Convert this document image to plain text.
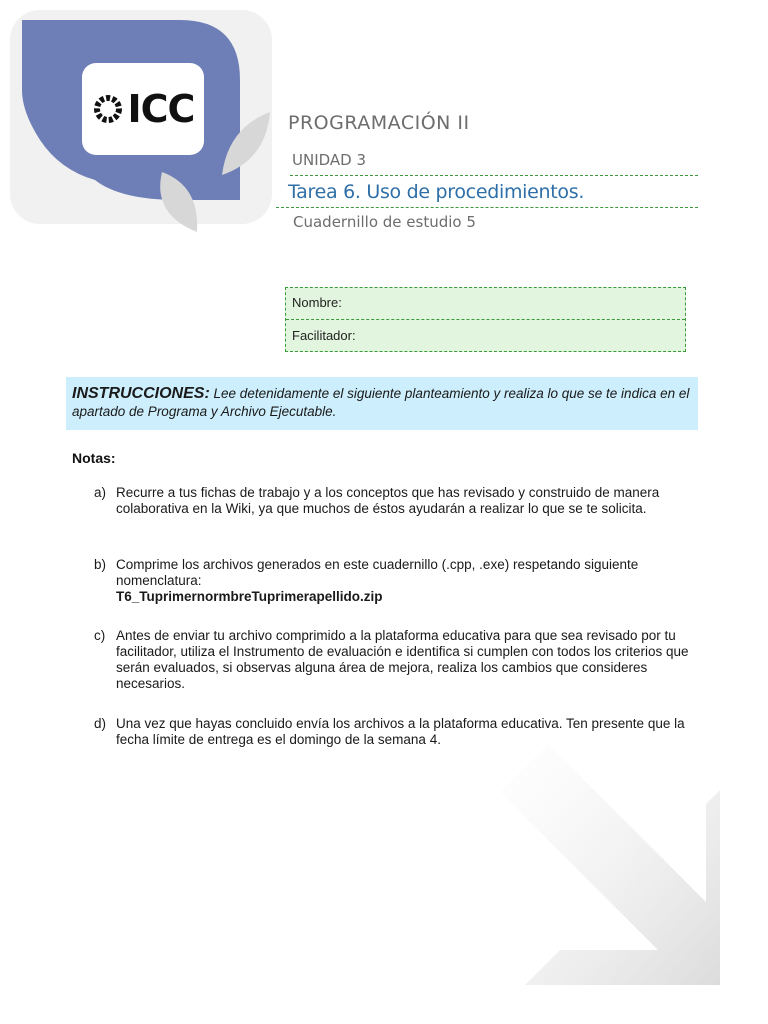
ICC	PROGRAMACIÓN II
UNIDAD 3
Tarea 6. Uso de procedimientos.
Cuadernillo de estudio 5
Nombre:
Facilitador:
INSTRUCCIONES: Lee detenidamente el siguiente planteamiento y realiza lo que se te indica en el apartado de Programa y Archivo Ejecutable.
Notas:
a) Recurre a tus fichas de trabajo y a los conceptos que has revisado y construido de manera colaborativa en la Wiki, ya que muchos de éstos ayudarán a realizar lo que se te solicita.
b) Comprime los archivos generados en este cuadernillo (.cpp, .exe) respetando siguiente nomenclatura:
T6_TuprimernormbreTuprimerapellido.zip
c) Antes de enviar tu archivo comprimido a la plataforma educativa para que sea revisado por tu facilitador, utiliza el Instrumento de evaluación e identifica si cumplen con todos los criterios que serán evaluados, si observas alguna área de mejora, realiza los cambios que consideres necesarios.
d) Una vez que hayas concluido envía los archivos a la plataforma educativa. Ten presente que la fecha límite de entrega es el domingo de la semana 4.
